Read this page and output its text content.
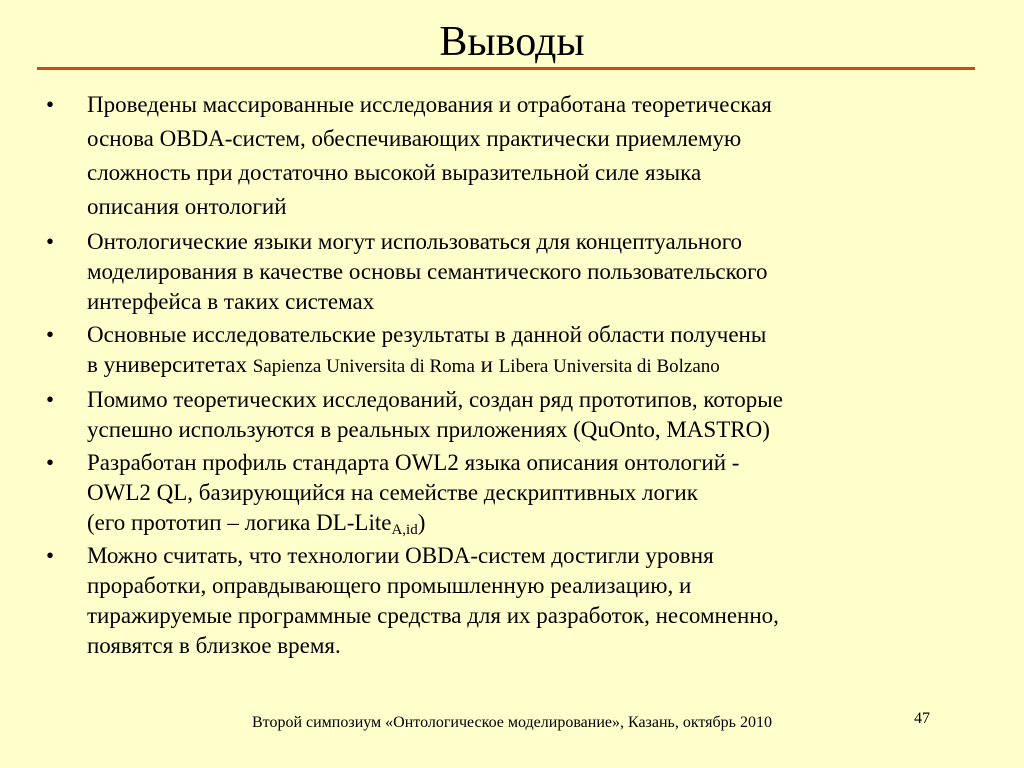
Выводы
• Проведены массированные исследования и отработана теоретическая
основа OBDA-систем, обеспечивающих практически приемлемую
сложность при достаточно высокой выразительной силе языка
описания онтологий
• Онтологические языки могут использоваться для концептуального
моделирования в качестве основы семантического пользовательского
интерфейса в таких системах
• Основные исследовательские результаты в данной области получены
в университетах Sapienza Universita di Roma и Libera Universita di Bolzano
• Помимо теоретических исследований, создан ряд прототипов, которые
успешно используются в реальных приложениях (QuOnto, MASTRO)
• Разработан профиль стандарта OWL2 языка описания онтологий -
OWL2 QL, базирующийся на семействе дескриптивных логик
(его прототип – логика DL-Lite$_{A,id}$)
• Можно считать, что технологии OBDA-систем достигли уровня
проработки, оправдывающего промышленную реализацию, и
тиражируемые программные средства для их разработок, несомненно,
появятся в близкое время.
Второй симпозиум «Онтологическое моделирование», Казань, октябрь 2010	47
